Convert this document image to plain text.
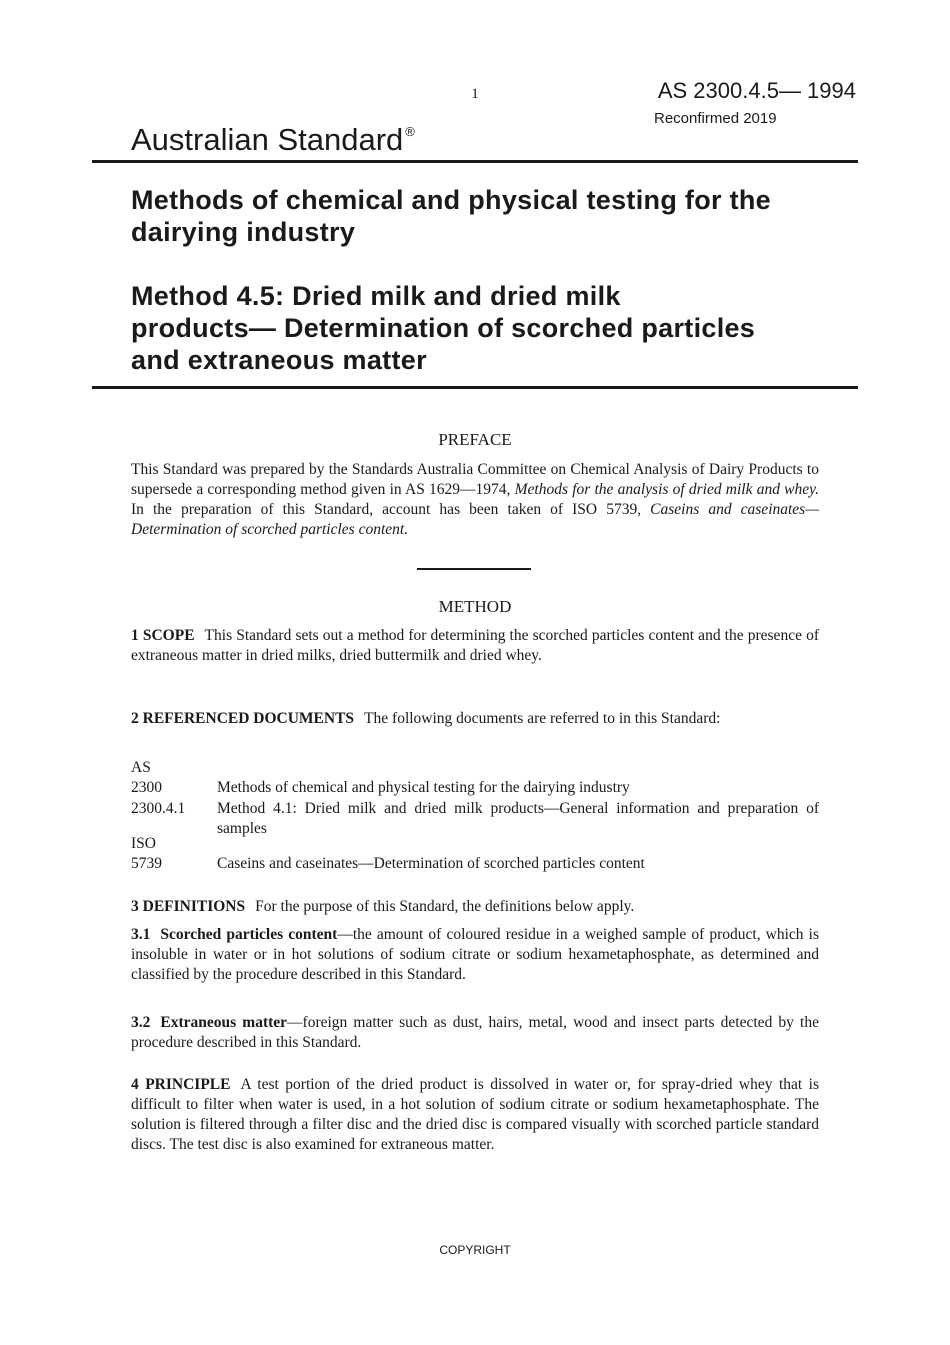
1	AS 2300.4.5— 1994
Reconfirmed 2019
Australian Standard ®
Methods of chemical and physical testing for the dairying industry
Method 4.5: Dried milk and dried milk
products— Determination of scorched particles
and extraneous matter
PREFACE
This Standard was prepared by the Standards Australia Committee on Chemical Analysis of Dairy Products to supersede a corresponding method given in AS 1629—1974, Methods for the analysis of dried milk and whey. In the preparation of this Standard, account has been taken of ISO 5739, Caseins and caseinates—Determination of scorched particles content.
METHOD
1 SCOPE This Standard sets out a method for determining the scorched particles content and the presence of extraneous matter in dried milks, dried buttermilk and dried whey.
2 REFERENCED DOCUMENTS The following documents are referred to in this Standard:
AS
2300	Methods of chemical and physical testing for the dairying industry
2300.4.1	Method 4.1: Dried milk and dried milk products—General information and preparation of samples
ISO
5739	Caseins and caseinates—Determination of scorched particles content
3 DEFINITIONS For the purpose of this Standard, the definitions below apply.
3.1 Scorched particles content—the amount of coloured residue in a weighed sample of product, which is insoluble in water or in hot solutions of sodium citrate or sodium hexametaphosphate, as determined and classified by the procedure described in this Standard.
3.2 Extraneous matter—foreign matter such as dust, hairs, metal, wood and insect parts detected by the procedure described in this Standard.
4 PRINCIPLE A test portion of the dried product is dissolved in water or, for spray-dried whey that is difficult to filter when water is used, in a hot solution of sodium citrate or sodium hexametaphosphate. The solution is filtered through a filter disc and the dried disc is compared visually with scorched particle standard discs. The test disc is also examined for extraneous matter.
COPYRIGHT
